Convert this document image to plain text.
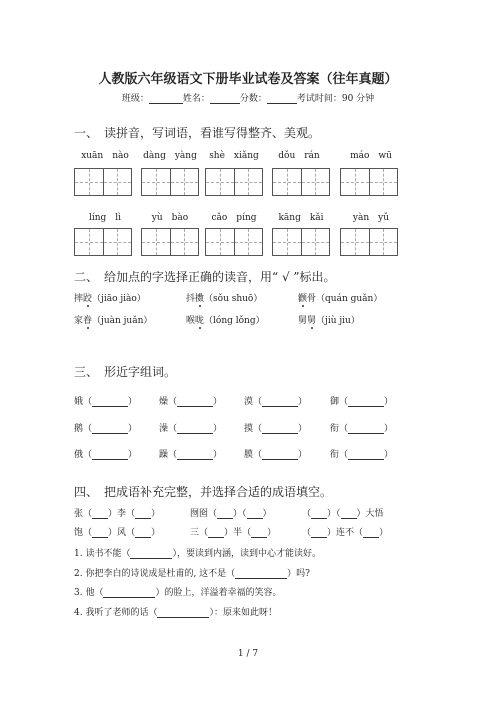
人教版六年级语文下册毕业试卷及答案（往年真题）
班级：	姓名：	分数：	考试时间：90 分钟
一、　读拼音，写词语，看谁写得整齐、美观。
xuān　nào	dàng　yàng	shè　xiǎng	dǒu　rán	máo　wū
líng　lì	yù　bào	cǎo　píng	kāng　kǎi	yàn　yǔ
二、　给加点的字选择正确的读音，用“ √ ”标出。
摔跤（jiāo jiào）	抖擞（sǒu shuō）	颧骨（quán guǎn）
家眷（juàn juǎn）	喉咙（lóng lǒng）	舅舅（jiù jiu）
三、　形近字组词。
娥（	） 燥（	） 漠（	）	御（	）
鹅（	） 澡（	） 摸（	）	衔（	）
俄（	） 躁（	） 膜（	）	衔（	）
四、　把成语补充完整，并选择合适的成语填空。
张（ ）李（ ）	囫囵（ ）（ ）	（ ）（ ）大悟
饱（ ）风（ ）	三（ ）半（ ）	（ ）连不（ ）
1. 读书不能（	），要读到内涵，读到中心才能读好。
2. 你把李白的诗说成是杜甫的, 这不是（	）吗?
3. 他（	）的脸上，洋溢着幸福的笑容。
4. 我听了老师的话（	）：原来如此呀！
1 / 7
